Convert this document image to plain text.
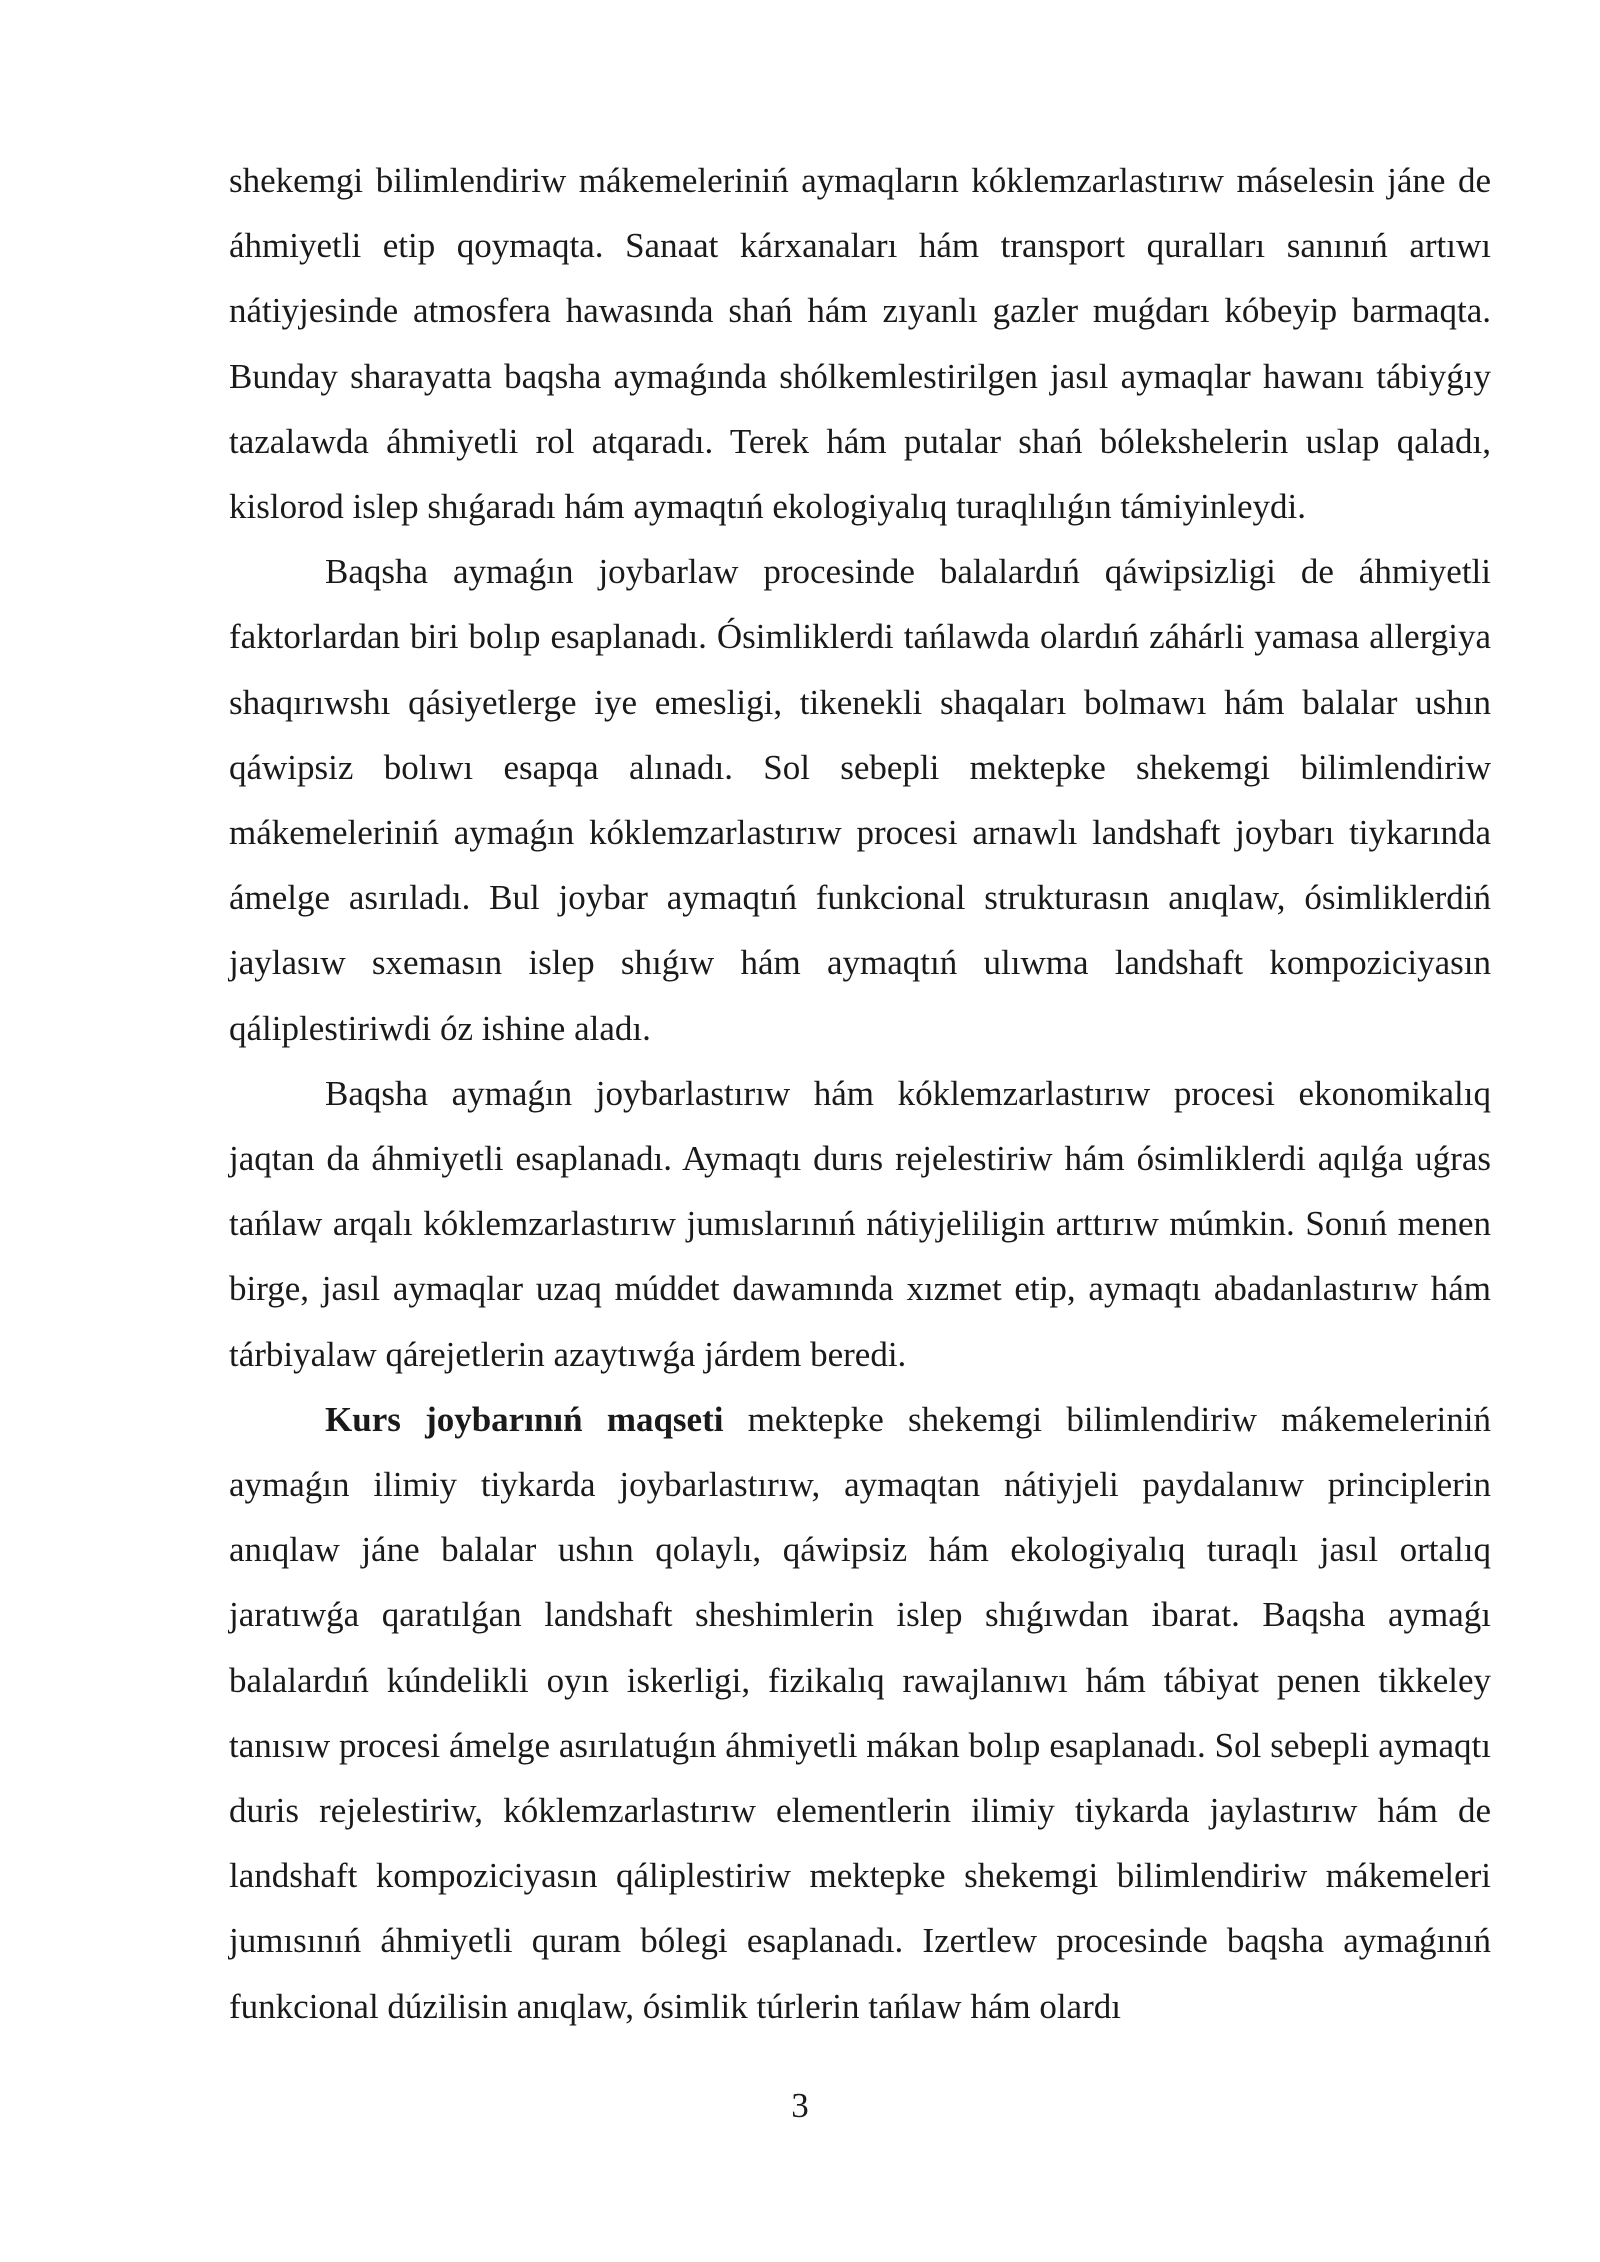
shekemgi bilimlendiriw mákemeleriniń aymaqların kóklemzarlastırıw máselesin jáne de áhmiyetli etip qoymaqta. Sanaat kárxanaları hám transport quralları sanınıń artıwı nátiyjesinde atmosfera hawasında shań hám zıyanlı gazler muǵdarı kóbeyip barmaqta. Bunday sharayatta baqsha aymaǵında shólkemlestirilgen jasıl aymaqlar hawanı tábiyǵıy tazalawda áhmiyetli rol atqaradı. Terek hám putalar shań bólekshelerin uslap qaladı, kislorod islep shıǵaradı hám aymaqtıń ekologiyalıq turaqlılıǵın támiyinleydi.

Baqsha aymaǵın joybarlaw procesinde balalardıń qáwipsizligi de áhmiyetli faktorlardan biri bolıp esaplanadı. Ósimliklerdi tańlawda olardıń záhárli yamasa allergiya shaqırıwshı qásiyetlerge iye emesligi, tikenekli shaqaları bolmawı hám balalar ushın qáwipsiz bolıwı esapqa alınadı. Sol sebepli mektepke shekemgi bilimlendiriw mákemeleriniń aymaǵın kóklemzarlastırıw procesi arnawlı landshaft joybarı tiykarında ámelge asırıladı. Bul joybar aymaqtıń funkcional strukturasın anıqlaw, ósimliklerdiń jaylasıw sxemasın islep shıǵıw hám aymaqtıń ulıwma landshaft kompoziciyasın qáliplestiriwdi óz ishine aladı.

Baqsha aymaǵın joybarlastırıw hám kóklemzarlastırıw procesi ekonomikalıq jaqtan da áhmiyetli esaplanadı. Aymaqtı durıs rejelestiriw hám ósimliklerdi aqılǵa uǵras tańlaw arqalı kóklemzarlastırıw jumıslarınıń nátiyjeliligin arttırıw múmkin. Sonıń menen birge, jasıl aymaqlar uzaq múddet dawamında xızmet etip, aymaqtı abadanlastırıw hám tárbiyalaw qárejetlerin azaytıwǵa járdem beredi.

Kurs joybarınıń maqseti mektepke shekemgi bilimlendiriw mákemeleriniń aymaǵın ilimiy tiykarda joybarlastırıw, aymaqtan nátiyjeli paydalanıw principlerin anıqlaw jáne balalar ushın qolaylı, qáwipsiz hám ekologiyalıq turaqlı jasıl ortalıq jaratıwǵa qaratılǵan landshaft sheshimlerin islep shıǵıwdan ibarat. Baqsha aymaǵı balalardıń kúndelikli oyın iskerligi, fizikalıq rawajlanıwı hám tábiyat penen tikkeley tanısıw procesi ámelge asırılatuǵın áhmiyetli mákan bolıp esaplanadı. Sol sebepli aymaqtı duris rejelestiriw, kóklemzarlastırıw elementlerin ilimiy tiykarda jaylastırıw hám de landshaft kompoziciyasın qáliplestiriw mektepke shekemgi bilimlendiriw mákemeleri jumısınıń áhmiyetli quram bólegi esaplanadı. Izertlew procesinde baqsha aymaǵınıń funkcional dúzilisin anıqlaw, ósimlik túrlerin tańlaw hám olardı

3
